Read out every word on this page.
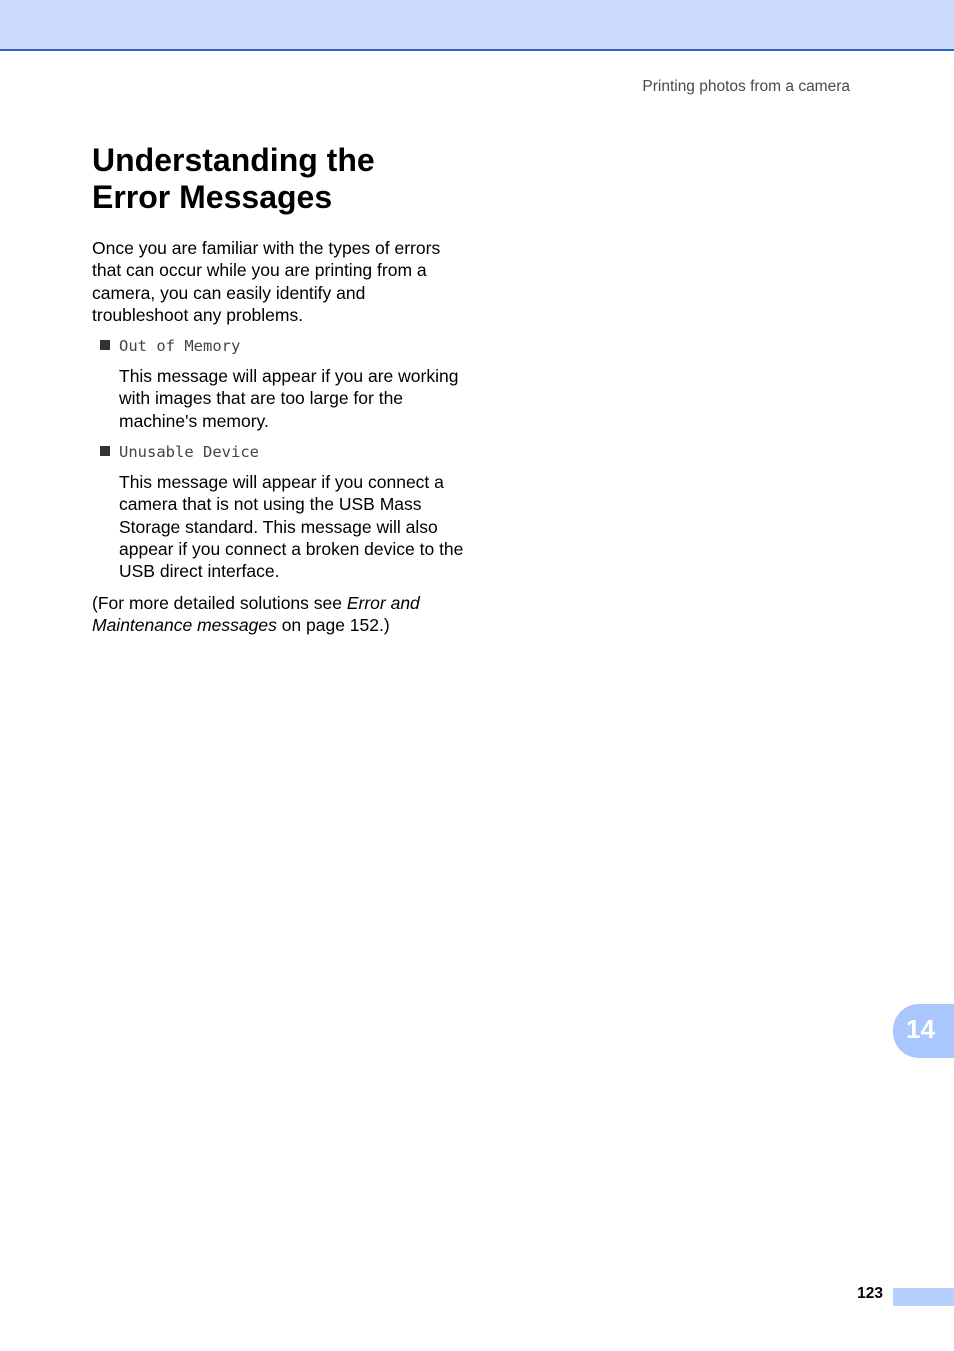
Printing photos from a camera
Understanding the
Error Messages

Once you are familiar with the types of errors that can occur while you are printing from a camera, you can easily identify and troubleshoot any problems.

Out of Memory

This message will appear if you are working with images that are too large for the machine's memory.

Unusable Device

This message will appear if you connect a camera that is not using the USB Mass Storage standard. This message will also appear if you connect a broken device to the USB direct interface.

(For more detailed solutions see Error and Maintenance messages on page 152.)

14
123
